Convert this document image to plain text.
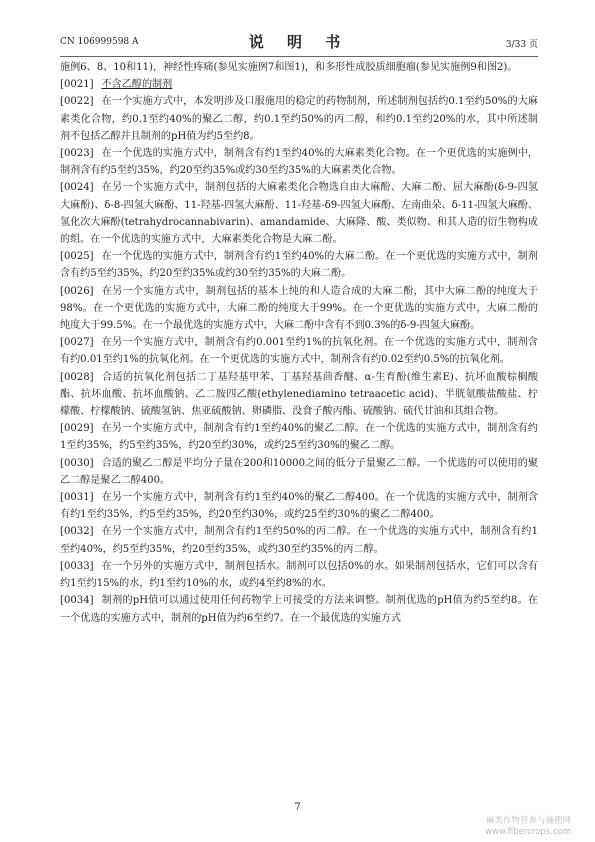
CN 106999598 A	说 明 书	3/33 页

施例6、8、10和11)，神经性疼痛(参见实施例7和图1)，和多形性成胶质细胞瘤(参见实施例9和图2)。

[0021] 不含乙醇的制剂

[0022] 在一个实施方式中，本发明涉及口服施用的稳定的药物制剂，所述制剂包括约0.1至约50%的大麻素类化合物，约0.1至约40%的聚乙二醇，约0.1至约50%的丙二醇，和约0.1至约20%的水，其中所述制剂不包括乙醇并且制剂的pH值为约5至约8。

[0023] 在一个优选的实施方式中，制剂含有约1至约40%的大麻素类化合物。在一个更优选的实施例中，制剂含有约5至约35%，约20至约35%或约30至约35%的大麻素类化合物。

[0024] 在另一个实施方式中，制剂包括的大麻素类化合物选自由大麻酚、大麻二酚、屈大麻酚(δ-9-四氢大麻酚)、δ-8-四氢大麻酚、11-羟基-四氢大麻酚、11-羟基-δ9-四氢大麻酚、左南曲朵、δ-11-四氢大麻酚、氢化次大麻酚(tetrahydrocannabivarin)、amandamide、大麻隆、酸、类似物、和其人造的衍生物构成的组。在一个优选的实施方式中，大麻素类化合物是大麻二酚。

[0025] 在一个优选的实施方式中，制剂含有约1至约40%的大麻二酚。在一个更优选的实施方式中，制剂含有约5至约35%，约20至约35%或约30至约35%的大麻二酚。

[0026] 在另一个实施方式中，制剂包括的基本上纯的和人造合成的大麻二酚，其中大麻二酚的纯度大于98%。在一个更优选的实施方式中，大麻二酚的纯度大于99%。在一个更优选的实施方式中，大麻二酚的纯度大于99.5%。在一个最优选的实施方式中，大麻二酚中含有不到0.3%的δ-9-四氢大麻酚。

[0027] 在另一个实施方式中，制剂含有约0.001至约1%的抗氧化剂。在一个优选的实施方式中，制剂含有约0.01至约1%的抗氧化剂。在一个更优选的实施方式中，制剂含有约0.02至约0.5%的抗氧化剂。

[0028] 合适的抗氧化剂包括二丁基羟基甲苯、丁基羟基茴香醚、α-生育酚(维生素E)、抗坏血酸棕榈酸酯、抗坏血酸、抗坏血酸钠、乙二胺四乙酸(ethylenediamino tetraacetic acid)、半胱氨酸盐酸盐、柠檬酸、柠檬酸钠、硫酸氢钠、焦亚硫酸钠、卵磷脂、没食子酸丙酯、硫酸钠、硫代甘油和其组合物。

[0029] 在另一个实施方式中，制剂含有约1至约40%的聚乙二醇。在一个优选的实施方式中，制剂含有约1至约35%，约5至约35%，约20至约30%，或约25至约30%的聚乙二醇。

[0030] 合适的聚乙二醇是平均分子量在200和10000之间的低分子量聚乙二醇。一个优选的可以使用的聚乙二醇是聚乙二醇400。

[0031] 在另一个实施方式中，制剂含有约1至约40%的聚乙二醇400。在一个优选的实施方式中，制剂含有约1至约35%，约5至约35%，约20至约30%，或约25至约30%的聚乙二醇400。

[0032] 在另一个实施方式中，制剂含有约1至约50%的丙二醇。在一个优选的实施方式中，制剂含有约1至约40%，约5至约35%，约20至约35%，或约30至约35%的丙二醇。

[0033] 在一个另外的实施方式中，制剂包括水。制剂可以包括0%的水。如果制剂包括水，它们可以含有约1至约15%的水，约1至约10%的水，或约4至约8%的水。

[0034] 制剂的pH值可以通过使用任何药物学上可接受的方法来调整。制剂优选的pH值为约5至约8。在一个优选的实施方式中，制剂的pH值为约6至约7。在一个最优选的实施方式

7
麻类作物营养与施肥网
www.fibercrops.com
